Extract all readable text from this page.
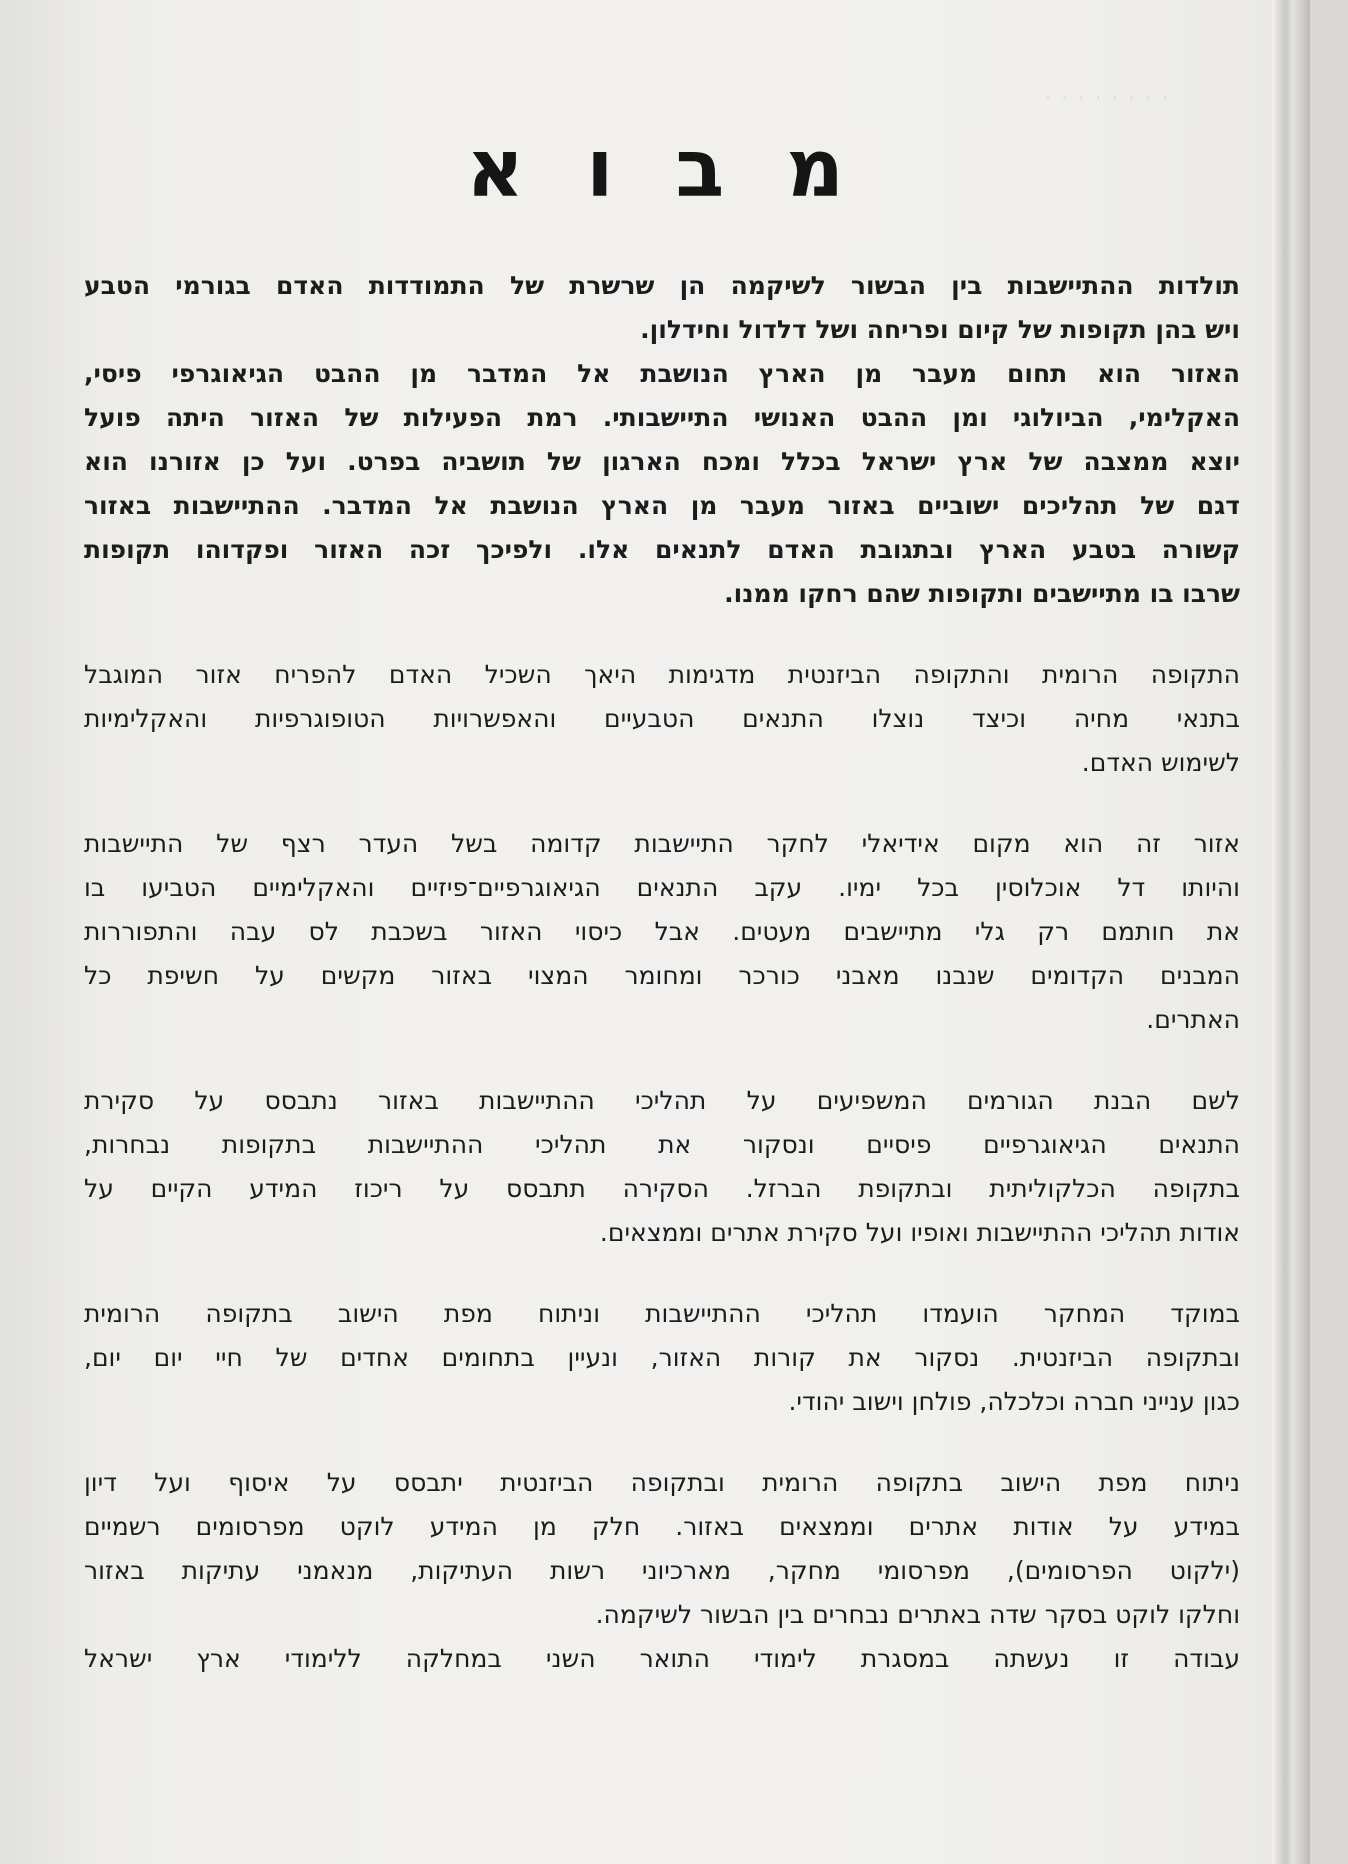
· · · · · · · ·
מ ב ו א
תולדות ההתיישבות בין הבשור לשיקמה הן שרשרת של התמודדות האדם בגורמי הטבע
ויש בהן תקופות של קיום ופריחה ושל דלדול וחידלון.
האזור הוא תחום מעבר מן הארץ הנושבת אל המדבר מן ההבט הגיאוגרפי פיסי,
האקלימי, הביולוגי ומן ההבט האנושי התיישבותי. רמת הפעילות של האזור היתה פועל
יוצא ממצבה של ארץ ישראל בכלל ומכח הארגון של תושביה בפרט. ועל כן אזורנו הוא
דגם של תהליכים ישוביים באזור מעבר מן הארץ הנושבת אל המדבר. ההתיישבות באזור
קשורה בטבע הארץ ובתגובת האדם לתנאים אלו. ולפיכך זכה האזור ופקדוהו תקופות
שרבו בו מתיישבים ותקופות שהם רחקו ממנו.
התקופה הרומית והתקופה הביזנטית מדגימות היאך השכיל האדם להפריח אזור המוגבל
בתנאי מחיה וכיצד נוצלו התנאים הטבעיים והאפשרויות הטופוגרפיות והאקלימיות
לשימוש האדם.
אזור זה הוא מקום אידיאלי לחקר התיישבות קדומה בשל העדר רצף של התיישבות
והיותו דל אוכלוסין בכל ימיו. עקב התנאים הגיאוגרפיים־פיזיים והאקלימיים הטביעו בו
את חותמם רק גלי מתיישבים מעטים. אבל כיסוי האזור בשכבת לס עבה והתפוררות
המבנים הקדומים שנבנו מאבני כורכר ומחומר המצוי באזור מקשים על חשיפת כל
האתרים.
לשם הבנת הגורמים המשפיעים על תהליכי ההתיישבות באזור נתבסס על סקירת
התנאים הגיאוגרפיים פיסיים ונסקור את תהליכי ההתיישבות בתקופות נבחרות,
בתקופה הכלקוליתית ובתקופת הברזל. הסקירה תתבסס על ריכוז המידע הקיים על
אודות תהליכי ההתיישבות ואופיו ועל סקירת אתרים וממצאים.
במוקד המחקר הועמדו תהליכי ההתיישבות וניתוח מפת הישוב בתקופה הרומית
ובתקופה הביזנטית. נסקור את קורות האזור, ונעיין בתחומים אחדים של חיי יום יום,
כגון ענייני חברה וכלכלה, פולחן וישוב יהודי.
ניתוח מפת הישוב בתקופה הרומית ובתקופה הביזנטית יתבסס על איסוף ועל דיון
במידע על אודות אתרים וממצאים באזור. חלק מן המידע לוקט מפרסומים רשמיים
(ילקוט הפרסומים), מפרסומי מחקר, מארכיוני רשות העתיקות, מנאמני עתיקות באזור
וחלקו לוקט בסקר שדה באתרים נבחרים בין הבשור לשיקמה.
עבודה זו נעשתה במסגרת לימודי התואר השני במחלקה ללימודי ארץ ישראל
